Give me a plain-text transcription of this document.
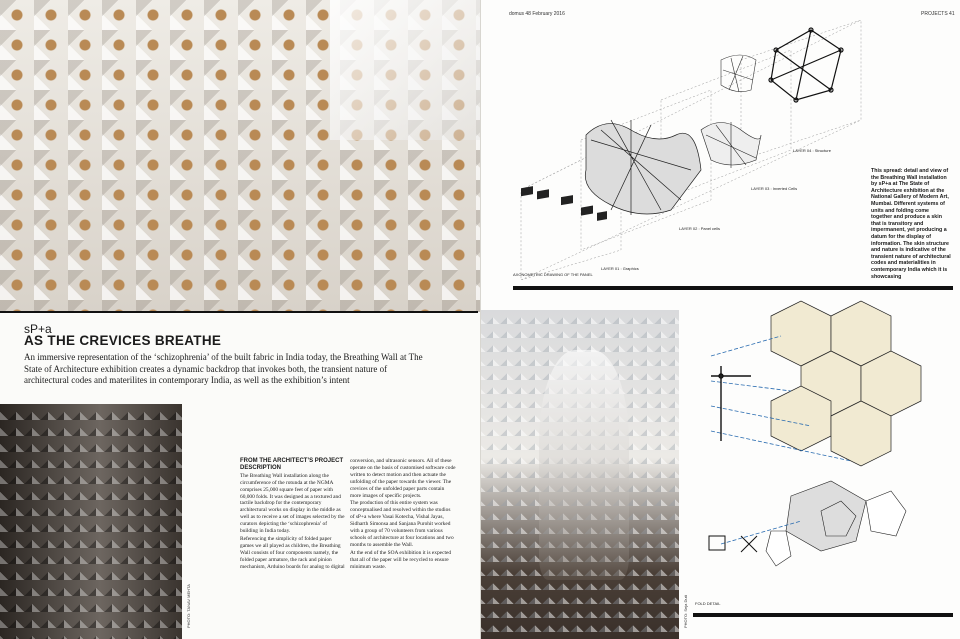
sP+a
AS THE CREVICES BREATHE
An immersive representation of the ‘schizophrenia’ of the built fabric in India today, the Breathing Wall at The State of Architecture exhibition creates a dynamic backdrop that invokes both, the transient nature of architectural codes and materilites in contemporary India, as well as the exhibition’s intent
PHOTO: TANAV MEHTA
FROM THE ARCHITECT’S PROJECT DESCRIPTION

The Breathing Wall installation along the circumference of the rotunda at the NGMA comprises 25,000 square feet of paper with 60,000 folds. It was designed as a textured and tactile backdrop for the contemporary architectural works on display in the middle as well as to receive a set of images selected by the curators depicting the ‘schizophrenia’ of building in India today.

Referencing the simplicity of folded paper games we all played as children, the Breathing Wall consists of four components namely, the folded paper armature, the rack and pinion mechanism, Arduino boards for analog to digital

conversion, and ultrasonic sensors. All of these operate on the basis of customised software code written to detect motion and then actuate the unfolding of the paper towards the viewer. The crevices of the unfolded paper parts contain more images of specific projects.

The production of this entire system was conceptualised and resolved within the studios of sP+a where Vasai Kotecha, Vishal Jayas, Sidharth Simonsa and Sanjana Purohit worked with a group of 70 volunteers from various schools of architecture at four locations and two months to assemble the Wall.

At the end of the SOA exhibition it is expected that all of the paper will be recycled to ensure minimum waste.

domus 48 February 2016	PROJECTS 41
LAYER 04 : Structure
LAYER 03 : Inverted Cells
LAYER 02 : Panel cells
LAYER 01 : Graphics
AXONOMETRIC DRAWING OF THE PANEL
This spread: detail and view of the Breathing Wall installation by sP+a at The State of Architecture exhibition at the National Gallery of Modern Art, Mumbai. Different systems of units and folding come together and produce a skin that is transitory and impermanent, yet producing a datum for the display of information. The skin structure and nature is indicative of the transient nature of architectural codes and materialities in contemporary India which it is showcasing
PHOTO: Seja Dutt FOLD DETAIL
